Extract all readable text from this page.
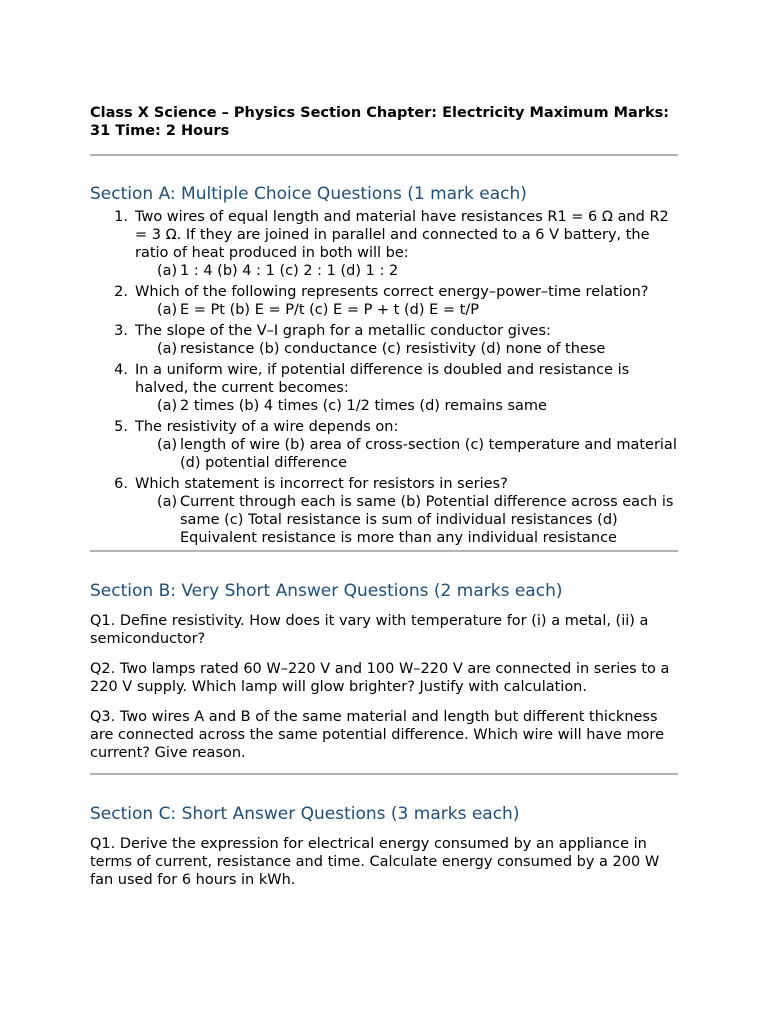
Class X Science – Physics Section Chapter: Electricity Maximum Marks: 31 Time: 2 Hours

Section A: Multiple Choice Questions (1 mark each)
1. Two wires of equal length and material have resistances R1 = 6 Ω and R2 = 3 Ω. If they are joined in parallel and connected to a 6 V battery, the ratio of heat produced in both will be:
(a) 1 : 4 (b) 4 : 1 (c) 2 : 1 (d) 1 : 2
2. Which of the following represents correct energy–power–time relation?
(a) E = Pt (b) E = P/t (c) E = P + t (d) E = t/P
3. The slope of the V–I graph for a metallic conductor gives:
(a) resistance (b) conductance (c) resistivity (d) none of these
4. In a uniform wire, if potential difference is doubled and resistance is halved, the current becomes:
(a) 2 times (b) 4 times (c) 1/2 times (d) remains same
5. The resistivity of a wire depends on:
(a) length of wire (b) area of cross-section (c) temperature and material (d) potential difference
6. Which statement is incorrect for resistors in series?
(a) Current through each is same (b) Potential difference across each is same (c) Total resistance is sum of individual resistances (d) Equivalent resistance is more than any individual resistance
Section B: Very Short Answer Questions (2 marks each)

Q1. Define resistivity. How does it vary with temperature for (i) a metal, (ii) a semiconductor?

Q2. Two lamps rated 60 W–220 V and 100 W–220 V are connected in series to a 220 V supply. Which lamp will glow brighter? Justify with calculation.

Q3. Two wires A and B of the same material and length but different thickness are connected across the same potential difference. Which wire will have more current? Give reason.

Section C: Short Answer Questions (3 marks each)

Q1. Derive the expression for electrical energy consumed by an appliance in terms of current, resistance and time. Calculate energy consumed by a 200 W fan used for 6 hours in kWh.
